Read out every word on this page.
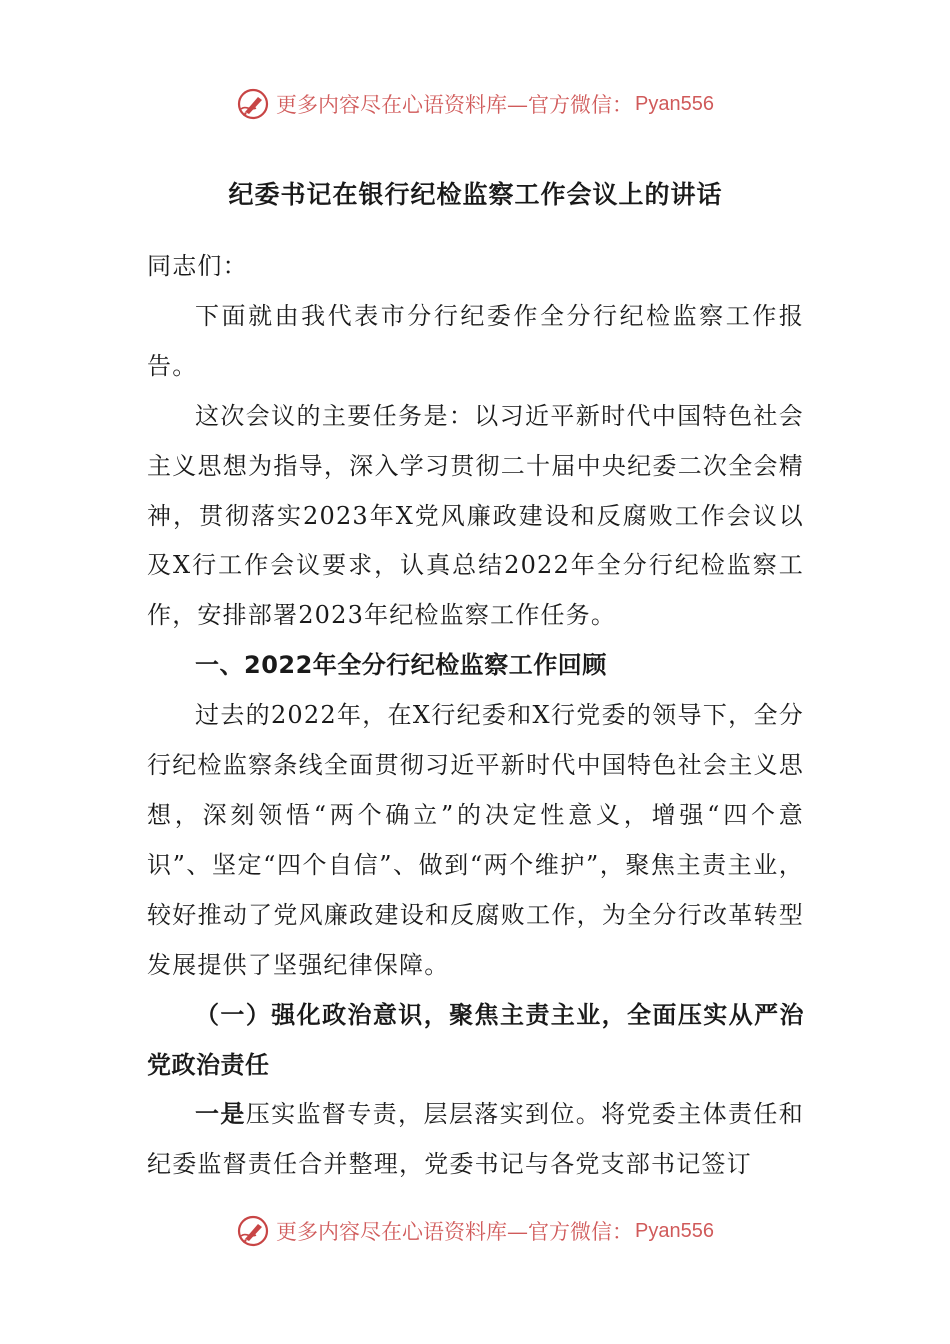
更多内容尽在心语资料库—官方微信： Pyan556
纪委书记在银行纪检监察工作会议上的讲话

同志们：

下面就由我代表市分行纪委作全分行纪检监察工作报告。

这次会议的主要任务是：以习近平新时代中国特色社会主义思想为指导，深入学习贯彻二十届中央纪委二次全会精神，贯彻落实2023年X党风廉政建设和反腐败工作会议以及X行工作会议要求，认真总结2022年全分行纪检监察工作，安排部署2023年纪检监察工作任务。

一、2022年全分行纪检监察工作回顾

过去的2022年，在X行纪委和X行党委的领导下，全分行纪检监察条线全面贯彻习近平新时代中国特色社会主义思想，深刻领悟“两个确立”的决定性意义，增强“四个意识”、坚定“四个自信”、做到“两个维护”，聚焦主责主业，较好推动了党风廉政建设和反腐败工作，为全分行改革转型发展提供了坚强纪律保障。

（一）强化政治意识，聚焦主责主业，全面压实从严治党政治责任

一是压实监督专责，层层落实到位。将党委主体责任和纪委监督责任合并整理，党委书记与各党支部书记签订

更多内容尽在心语资料库—官方微信： Pyan556
